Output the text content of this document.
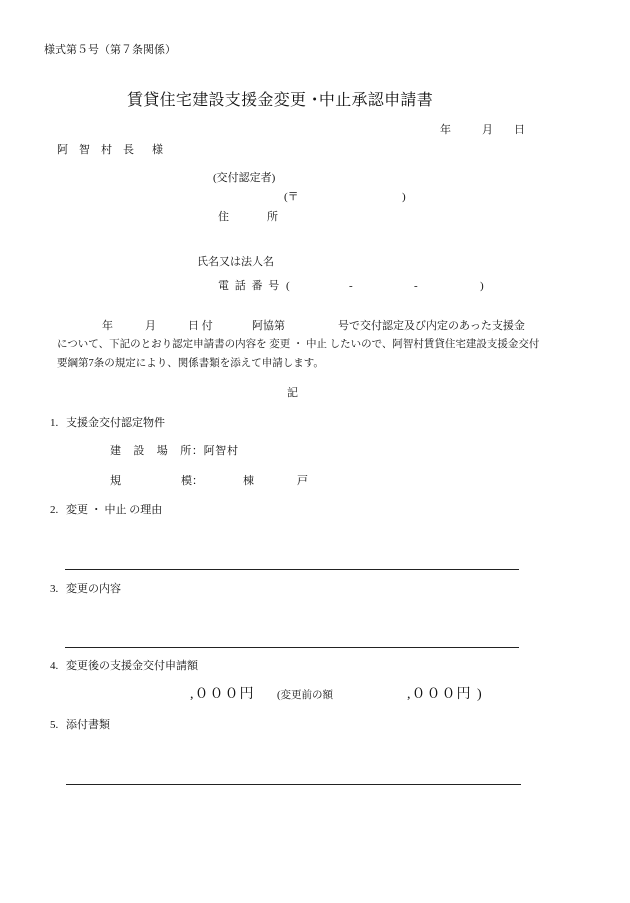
様式第５号（第７条関係）
賃貸住宅建設支援金変更 ･中止承認申請書
年	月 日
阿　智　村　長 様
(交付認定者)
(〒	)
住	所
氏名又は法人名
電 話 番 号 (	-	-	)
年	月	日 付	阿協第	号で交付認定及び内定のあった支援金
について、下記のとおり認定申請書の内容を 変更 ・ 中止 したいので、阿智村賃貸住宅建設支援金交付
要綱第7条の規定により、関係書類を添えて申請します。
記
1. 支援金交付認定物件
建　設　場　所：阿智村
規	模：	棟	戸
2. 変更 ・ 中止 の理由
3. 変更の内容
4. 変更後の支援金交付申請額
,０００円 (変更前の額	,０００円 )
5. 添付書類
